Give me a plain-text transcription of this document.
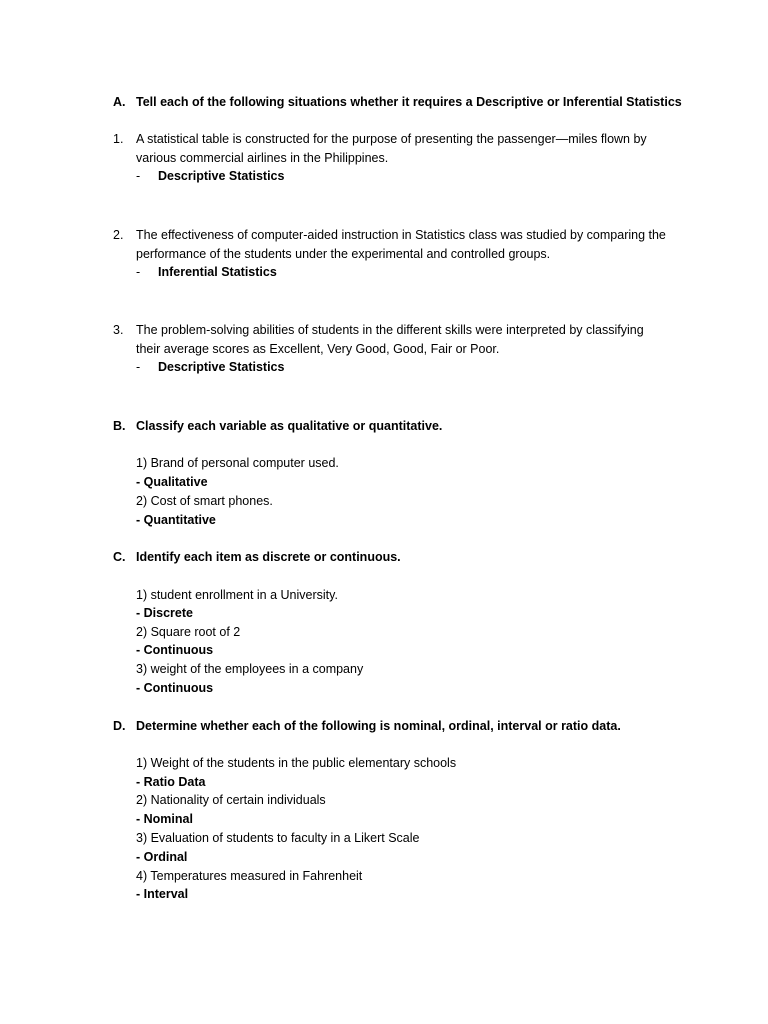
A. Tell each of the following situations whether it requires a Descriptive or Inferential Statistics
1. A statistical table is constructed for the purpose of presenting the passenger—miles flown by
various commercial airlines in the Philippines.
- Descriptive Statistics
2. The effectiveness of computer-aided instruction in Statistics class was studied by comparing the
performance of the students under the experimental and controlled groups.
- Inferential Statistics
3. The problem-solving abilities of students in the different skills were interpreted by classifying
their average scores as Excellent, Very Good, Good, Fair or Poor.
- Descriptive Statistics
B. Classify each variable as qualitative or quantitative.
1) Brand of personal computer used.
- Qualitative
2) Cost of smart phones.
- Quantitative
C. Identify each item as discrete or continuous.
1) student enrollment in a University.
- Discrete
2) Square root of 2
- Continuous
3) weight of the employees in a company
- Continuous
D. Determine whether each of the following is nominal, ordinal, interval or ratio data.
1) Weight of the students in the public elementary schools
- Ratio Data
2) Nationality of certain individuals
- Nominal
3) Evaluation of students to faculty in a Likert Scale
- Ordinal
4) Temperatures measured in Fahrenheit
- Interval
